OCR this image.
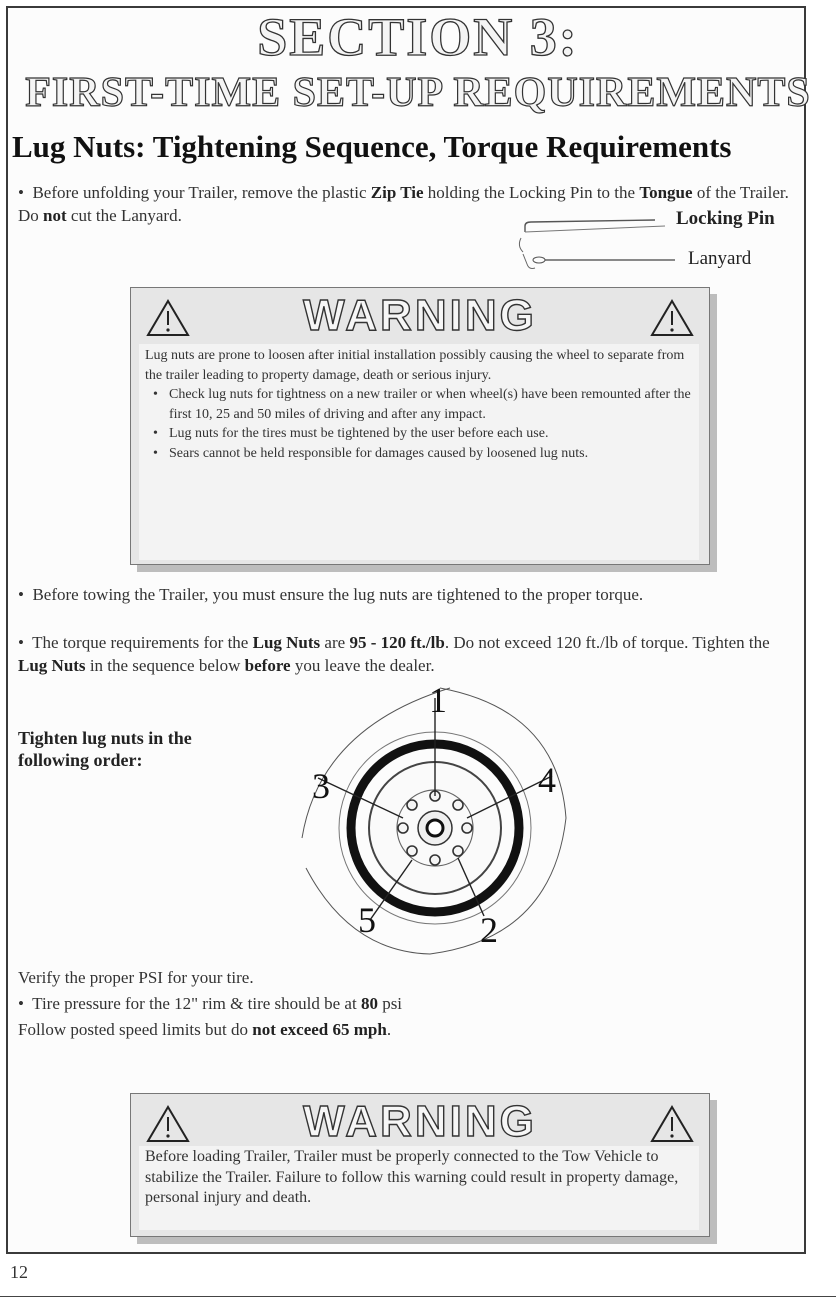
SECTION 3:
FIRST-TIME SET-UP REQUIREMENTS
Lug Nuts: Tightening Sequence, Torque Requirements
• Before unfolding your Trailer, remove the plastic Zip Tie holding the Locking Pin to the Tongue of the Trailer. Do not cut the Lanyard.	Locking Pin
Lanyard
WARNING
Lug nuts are prone to loosen after initial installation possibly causing the wheel to separate from the trailer leading to property damage, death or serious injury.
• Check lug nuts for tightness on a new trailer or when wheel(s) have been remounted after the first 10, 25 and 50 miles of driving and after any impact.
• Lug nuts for the tires must be tightened by the user before each use.
• Sears cannot be held responsible for damages caused by loosened lug nuts.
• Before towing the Trailer, you must ensure the lug nuts are tightened to the proper torque.
• The torque requirements for the Lug Nuts are 95 - 120 ft./lb. Do not exceed 120 ft./lb of torque. Tighten the Lug Nuts in the sequence below before you leave the dealer.
Tighten lug nuts in the following order:
1
3	4
5	2
Verify the proper PSI for your tire.
• Tire pressure for the 12" rim & tire should be at 80 psi
Follow posted speed limits but do not exceed 65 mph.
WARNING
Before loading Trailer, Trailer must be properly connected to the Tow Vehicle to stabilize the Trailer. Failure to follow this warning could result in property damage, personal injury and death.
12
